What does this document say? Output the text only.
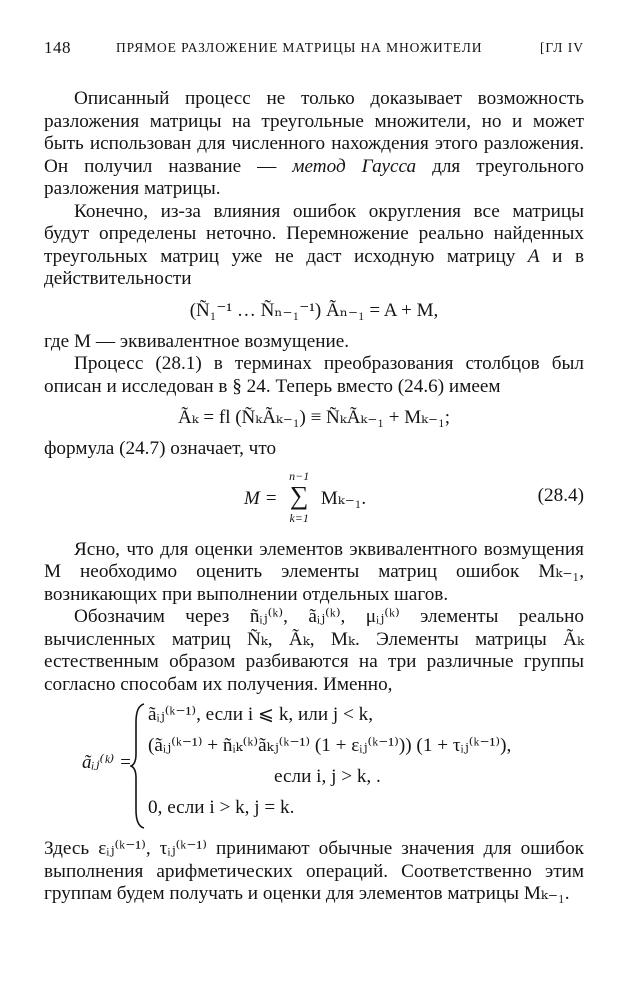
148	ПРЯМОЕ РАЗЛОЖЕНИЕ МАТРИЦЫ НА МНОЖИТЕЛИ	[ГЛ IV

Описанный процесс не только доказывает возможность разложения матрицы на треугольные множители, но и может быть использован для численного нахождения этого разложения. Он получил название — метод Гаусса для треугольного разложения матрицы.

Конечно, из-за влияния ошибок округления все матрицы будут определены неточно. Перемножение реально найденных треугольных матриц уже не даст исходную матрицу A и в действительности

(Ñ₁⁻¹ … Ñₙ₋₁⁻¹) Ãₙ₋₁ = A + M,

где M — эквивалентное возмущение.

Процесс (28.1) в терминах преобразования столбцов был описан и исследован в § 24. Теперь вместо (24.6) имеем

Ãₖ = fl (ÑₖÃₖ₋₁) ≡ ÑₖÃₖ₋₁ + Mₖ₋₁;

формула (24.7) означает, что

M =
n−1
∑
k=1
Mₖ₋₁.	(28.4)

Ясно, что для оценки элементов эквивалентного возмущения M необходимо оценить элементы матриц ошибок Mₖ₋₁, возникающих при выполнении отдельных шагов.

Обозначим через ñᵢⱼ⁽ᵏ⁾, ãᵢⱼ⁽ᵏ⁾, μᵢⱼ⁽ᵏ⁾ элементы реально вычисленных матриц Ñₖ, Ãₖ, Mₖ. Элементы матрицы Ãₖ естественным образом разбиваются на три различные группы согласно способам их получения. Именно,

ãᵢⱼ⁽ᵏ⁾ =
ãᵢⱼ⁽ᵏ⁻¹⁾, если i ⩽ k, или j < k,
(ãᵢⱼ⁽ᵏ⁻¹⁾ + ñᵢₖ⁽ᵏ⁾ãₖⱼ⁽ᵏ⁻¹⁾ (1 + εᵢⱼ⁽ᵏ⁻¹⁾)) (1 + τᵢⱼ⁽ᵏ⁻¹⁾),
если i, j > k, .
0, если i > k, j = k.

Здесь εᵢⱼ⁽ᵏ⁻¹⁾, τᵢⱼ⁽ᵏ⁻¹⁾ принимают обычные значения для ошибок выполнения арифметических операций. Соответственно этим группам будем получать и оценки для элементов матрицы Mₖ₋₁.
